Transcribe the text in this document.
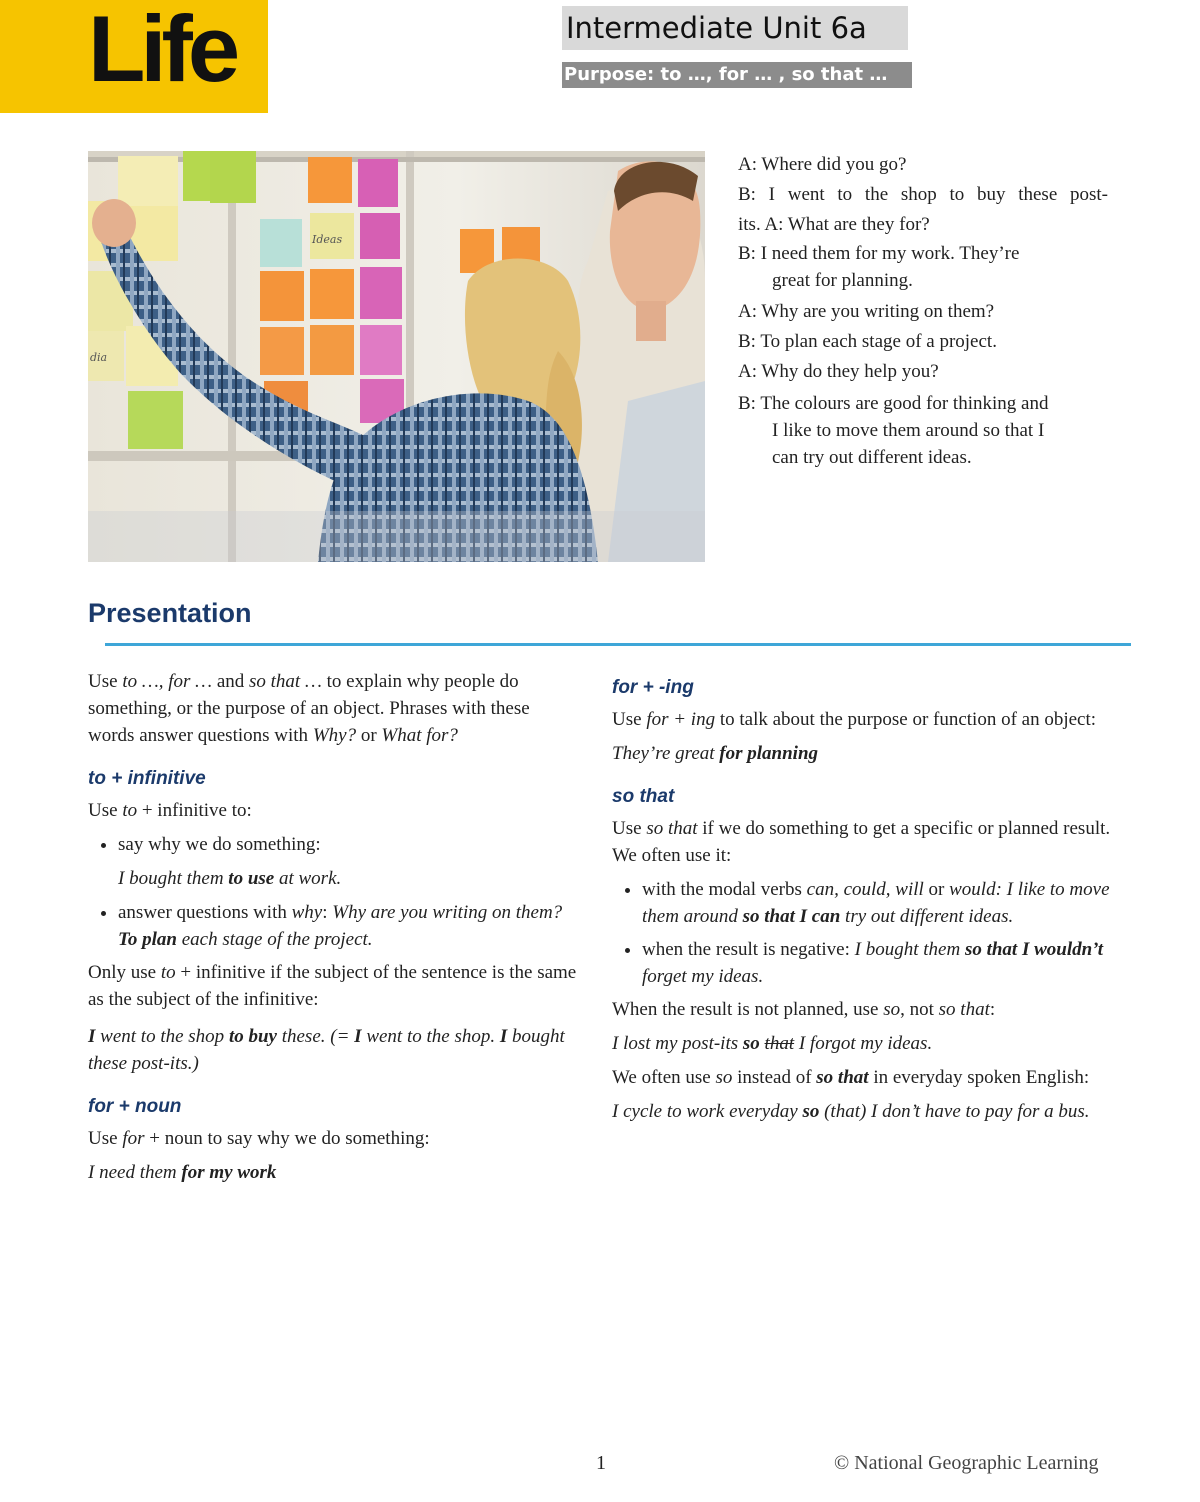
Life	Intermediate Unit 6a
Purpose: to …, for … , so that …
Ideas
dia

A: Where did you go?

B: I went to the shop to buy these post-

its. A: What are they for?

B: I need them for my work. They’re

great for planning.

A: Why are you writing on them?

B: To plan each stage of a project.

A: Why do they help you?

B: The colours are good for thinking and

I like to move them around so that I

can try out different ideas.

Presentation

Use to …, for … and so that … to explain why people do something, or the purpose of an object. Phrases with these words answer questions with Why? or What for?

to + infinitive

Use to + infinitive to:

• say why we do something:

I bought them to use at work.

• answer questions with why: Why are you writing on them? To plan each stage of the project.

Only use to + infinitive if the subject of the sentence is the same as the subject of the infinitive:

I went to the shop to buy these. (= I went to the shop. I bought these post-its.)

for + noun

Use for + noun to say why we do something:

I need them for my work

for + -ing

Use for + ing to talk about the purpose or function of an object:

They’re great for planning

so that

Use so that if we do something to get a specific or planned result. We often use it:

• with the modal verbs can, could, will or would: I like to move them around so that I can try out different ideas.
• when the result is negative: I bought them so that I wouldn’t forget my ideas.

When the result is not planned, use so, not so that:

I lost my post-its so that I forgot my ideas.

We often use so instead of so that in everyday spoken English:

I cycle to work everyday so (that) I don’t have to pay for a bus.

1	© National Geographic Learning
